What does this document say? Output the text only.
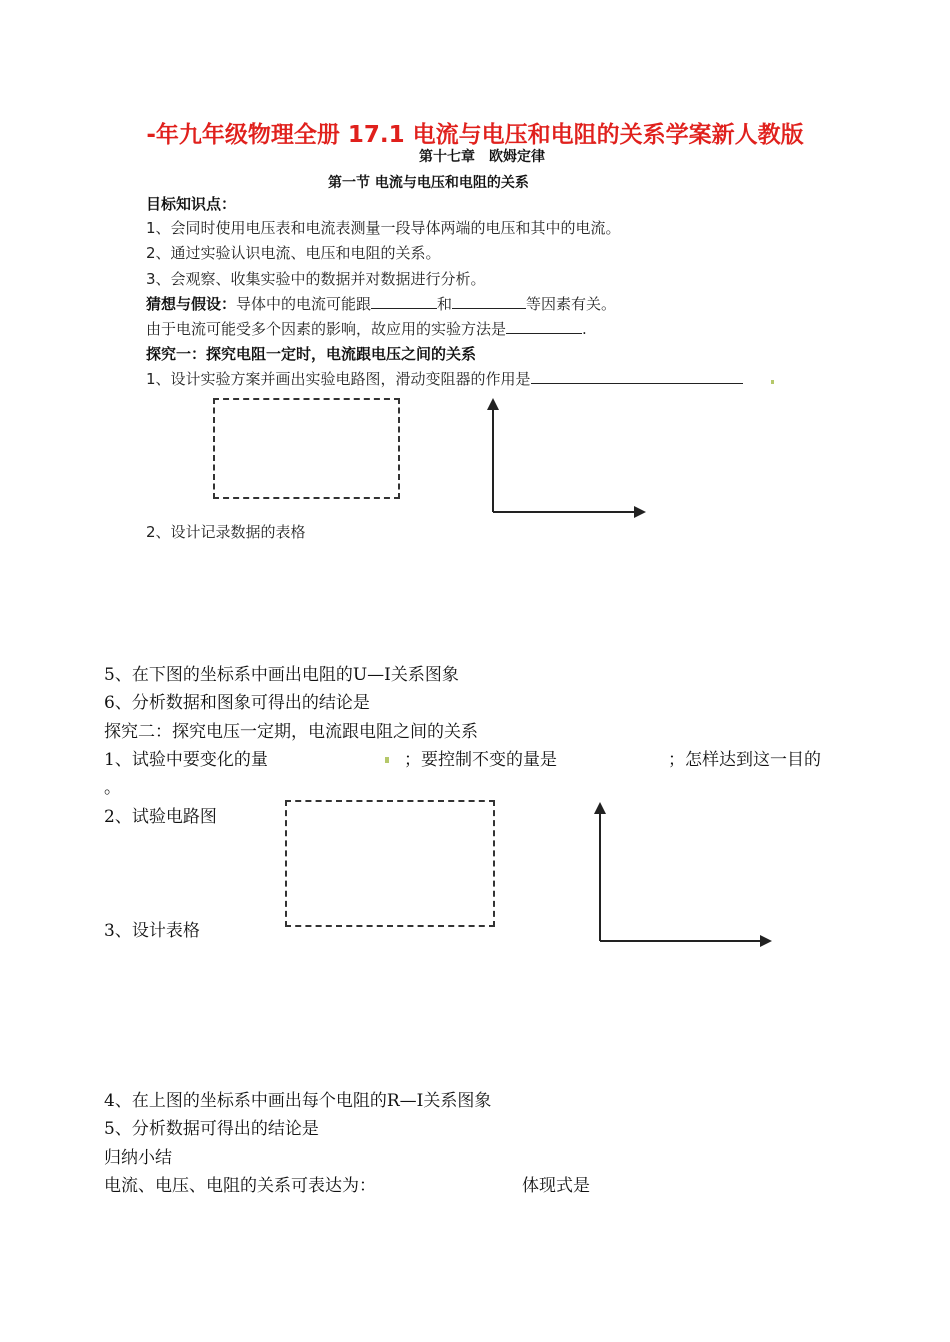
-年九年级物理全册 17.1 电流与电压和电阻的关系学案新人教版
第十七章　欧姆定律
第一节 电流与电压和电阻的关系
目标知识点：
1、会同时使用电压表和电流表测量一段导体两端的电压和其中的电流。
2、通过实验认识电流、电压和电阻的关系。
3、会观察、收集实验中的数据并对数据进行分析。
猜想与假设：导体中的电流可能跟	和	等因素有关。
由于电流可能受多个因素的影响，故应用的实验方法是	.
探究一：探究电阻一定时，电流跟电压之间的关系
1、设计实验方案并画出实验电路图，滑动变阻器的作用是
2、设计记录数据的表格
5、在下图的坐标系中画出电阻的U—I关系图象
6、分析数据和图象可得出的结论是
探究二：探究电压一定期，电流跟电阻之间的关系
1、试验中要变化的量	；要控制不变的量是	；怎样达到这一目的
。
2、试验电路图
3、设计表格
4、在上图的坐标系中画出每个电阻的R—I关系图象
5、分析数据可得出的结论是
归纳小结
电流、电压、电阻的关系可表达为：	体现式是
